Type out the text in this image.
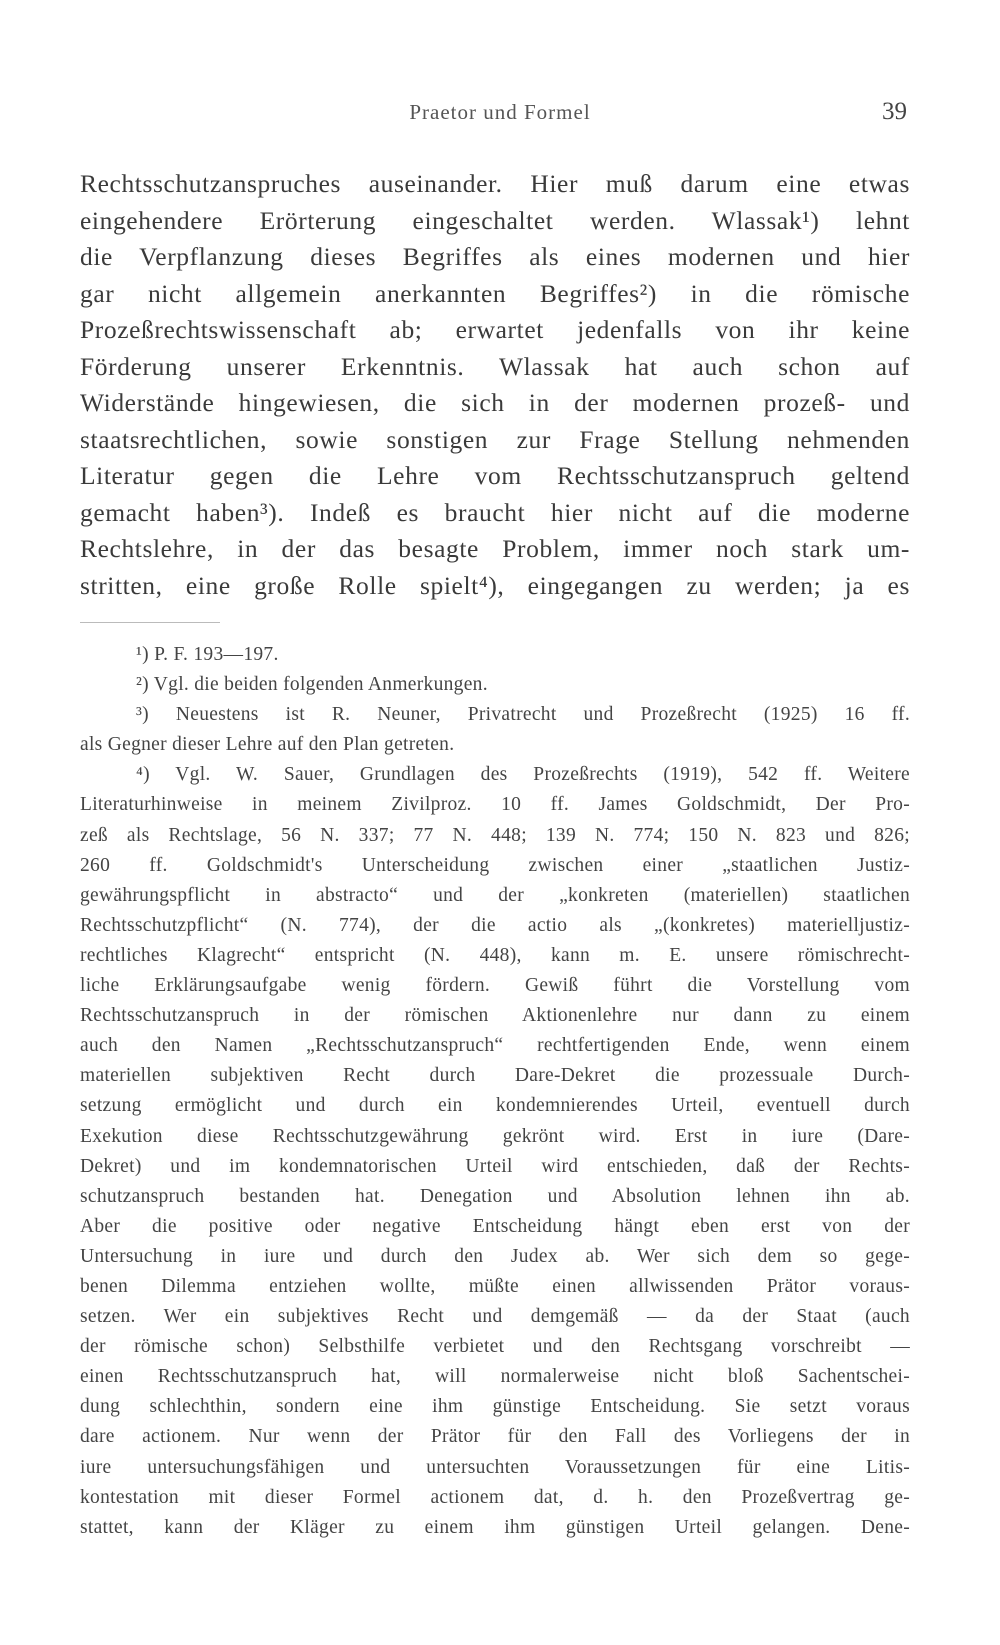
Praetor und Formel	39
Rechtsschutzanspruches auseinander. Hier muß darum eine etwas
eingehendere Erörterung eingeschaltet werden. Wlassak¹) lehnt
die Verpflanzung dieses Begriffes als eines modernen und hier
gar nicht allgemein anerkannten Begriffes²) in die römische
Prozeßrechtswissenschaft ab; erwartet jedenfalls von ihr keine
Förderung unserer Erkenntnis. Wlassak hat auch schon auf
Widerstände hingewiesen, die sich in der modernen prozeß- und
staatsrechtlichen, sowie sonstigen zur Frage Stellung nehmenden
Literatur gegen die Lehre vom Rechtsschutzanspruch geltend
gemacht haben³). Indeß es braucht hier nicht auf die moderne
Rechtslehre, in der das besagte Problem, immer noch stark um-
stritten, eine große Rolle spielt⁴), eingegangen zu werden; ja es
¹) P. F. 193—197.
²) Vgl. die beiden folgenden Anmerkungen.
³) Neuestens ist R. Neuner, Privatrecht und Prozeßrecht (1925) 16 ff.
als Gegner dieser Lehre auf den Plan getreten.
⁴) Vgl. W. Sauer, Grundlagen des Prozeßrechts (1919), 542 ff. Weitere
Literaturhinweise in meinem Zivilproz. 10 ff. James Goldschmidt, Der Pro-
zeß als Rechtslage, 56 N. 337; 77 N. 448; 139 N. 774; 150 N. 823 und 826;
260 ff. Goldschmidt's Unterscheidung zwischen einer „staatlichen Justiz-
gewährungspflicht in abstracto“ und der „konkreten (materiellen) staatlichen
Rechtsschutzpflicht“ (N. 774), der die actio als „(konkretes) materielljustiz-
rechtliches Klagrecht“ entspricht (N. 448), kann m. E. unsere römischrecht-
liche Erklärungsaufgabe wenig fördern. Gewiß führt die Vorstellung vom
Rechtsschutzanspruch in der römischen Aktionenlehre nur dann zu einem
auch den Namen „Rechtsschutzanspruch“ rechtfertigenden Ende, wenn einem
materiellen subjektiven Recht durch Dare-Dekret die prozessuale Durch-
setzung ermöglicht und durch ein kondemnierendes Urteil, eventuell durch
Exekution diese Rechtsschutzgewährung gekrönt wird. Erst in iure (Dare-
Dekret) und im kondemnatorischen Urteil wird entschieden, daß der Rechts-
schutzanspruch bestanden hat. Denegation und Absolution lehnen ihn ab.
Aber die positive oder negative Entscheidung hängt eben erst von der
Untersuchung in iure und durch den Judex ab. Wer sich dem so gege-
benen Dilemma entziehen wollte, müßte einen allwissenden Prätor voraus-
setzen. Wer ein subjektives Recht und demgemäß — da der Staat (auch
der römische schon) Selbsthilfe verbietet und den Rechtsgang vorschreibt —
einen Rechtsschutzanspruch hat, will normalerweise nicht bloß Sachentschei-
dung schlechthin, sondern eine ihm günstige Entscheidung. Sie setzt voraus
dare actionem. Nur wenn der Prätor für den Fall des Vorliegens der in
iure untersuchungsfähigen und untersuchten Voraussetzungen für eine Litis-
kontestation mit dieser Formel actionem dat, d. h. den Prozeßvertrag ge-
stattet, kann der Kläger zu einem ihm günstigen Urteil gelangen. Dene-
